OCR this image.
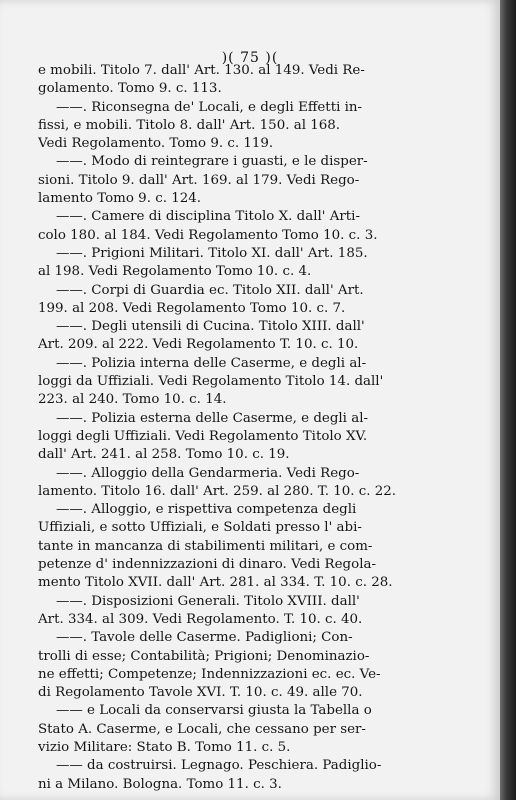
)( 75 )(
e mobili. Titolo 7. dall' Art. 130. al 149. Vedi Re-
golamento. Tomo 9. c. 113.
——. Riconsegna de' Locali, e degli Effetti in-
fissi, e mobili. Titolo 8. dall' Art. 150. al 168.
Vedi Regolamento. Tomo 9. c. 119.
——. Modo di reintegrare i guasti, e le disper-
sioni. Titolo 9. dall' Art. 169. al 179. Vedi Rego-
lamento Tomo 9. c. 124.
——. Camere di disciplina Titolo X. dall' Arti-
colo 180. al 184. Vedi Regolamento Tomo 10. c. 3.
——. Prigioni Militari. Titolo XI. dall' Art. 185.
al 198. Vedi Regolamento Tomo 10. c. 4.
——. Corpi di Guardia ec. Titolo XII. dall' Art.
199. al 208. Vedi Regolamento Tomo 10. c. 7.
——. Degli utensili di Cucina. Titolo XIII. dall'
Art. 209. al 222. Vedi Regolamento T. 10. c. 10.
——. Polizia interna delle Caserme, e degli al-
loggi da Uffiziali. Vedi Regolamento Titolo 14. dall'
223. al 240. Tomo 10. c. 14.
——. Polizia esterna delle Caserme, e degli al-
loggi degli Uffiziali. Vedi Regolamento Titolo XV.
dall' Art. 241. al 258. Tomo 10. c. 19.
——. Alloggio della Gendarmeria. Vedi Rego-
lamento. Titolo 16. dall' Art. 259. al 280. T. 10. c. 22.
——. Alloggio, e rispettiva competenza degli
Uffiziali, e sotto Uffiziali, e Soldati presso l' abi-
tante in mancanza di stabilimenti militari, e com-
petenze d' indennizzazioni di dinaro. Vedi Regola-
mento Titolo XVII. dall' Art. 281. al 334. T. 10. c. 28.
——. Disposizioni Generali. Titolo XVIII. dall'
Art. 334. al 309. Vedi Regolamento. T. 10. c. 40.
——. Tavole delle Caserme. Padiglioni; Con-
trolli di esse; Contabilità; Prigioni; Denominazio-
ne effetti; Competenze; Indennizzazioni ec. ec. Ve-
di Regolamento Tavole XVI. T. 10. c. 49. alle 70.
—— e Locali da conservarsi giusta la Tabella o
Stato A. Caserme, e Locali, che cessano per ser-
vizio Militare: Stato B. Tomo 11. c. 5.
—— da costruirsi. Legnago. Peschiera. Padiglio-
ni a Milano. Bologna. Tomo 11. c. 3.
